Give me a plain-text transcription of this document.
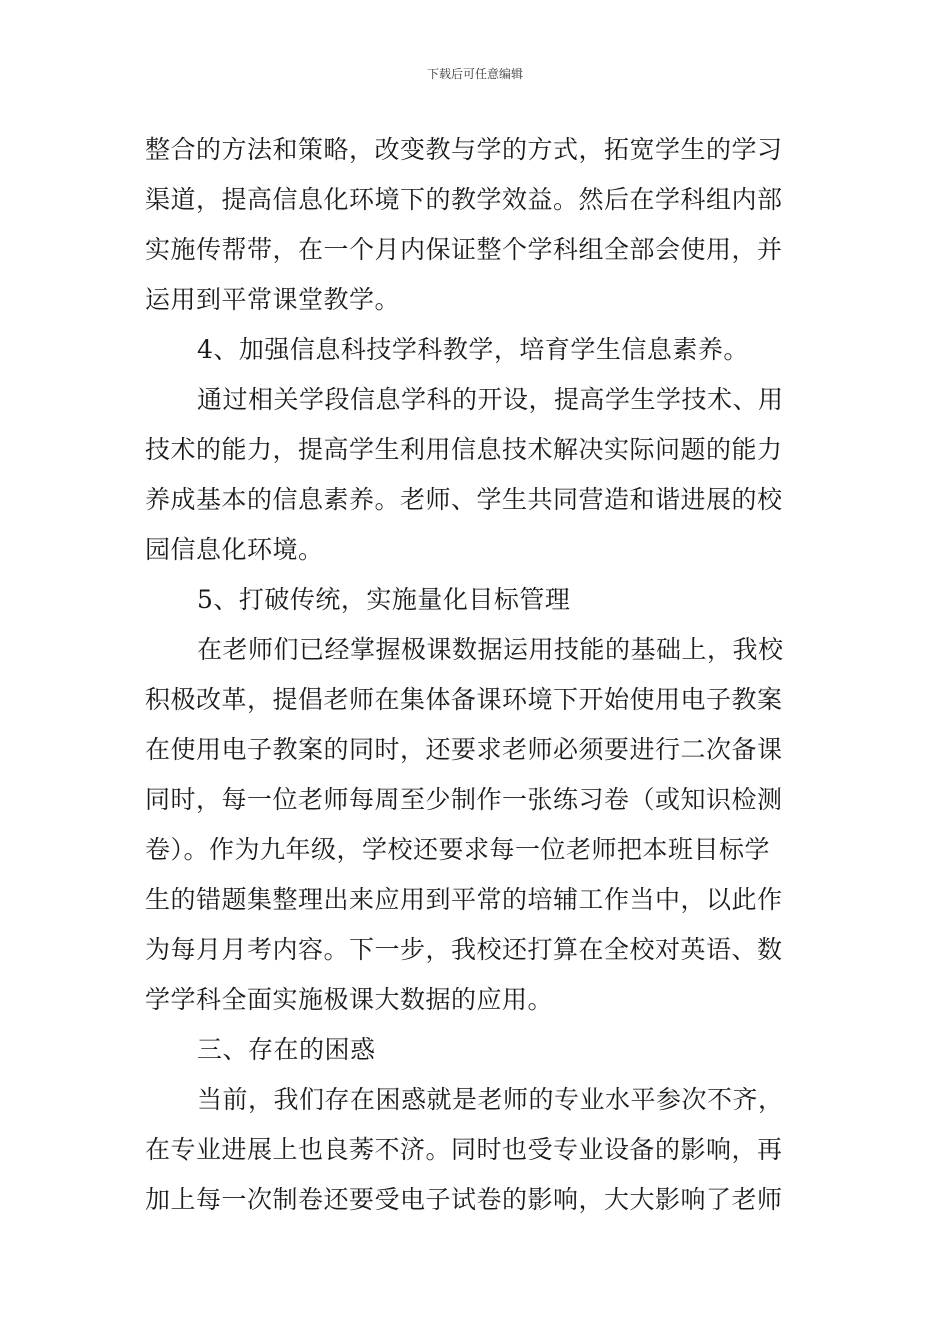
下载后可任意编辑
整合的方法和策略，改变教与学的方式，拓宽学生的学习
渠道，提高信息化环境下的教学效益。然后在学科组内部
实施传帮带，在一个月内保证整个学科组全部会使用，并
运用到平常课堂教学。
4、加强信息科技学科教学，培育学生信息素养。
通过相关学段信息学科的开设，提高学生学技术、用
技术的能力，提高学生利用信息技术解决实际问题的能力
养成基本的信息素养。老师、学生共同营造和谐进展的校
园信息化环境。
5、打破传统，实施量化目标管理
在老师们已经掌握极课数据运用技能的基础上，我校
积极改革，提倡老师在集体备课环境下开始使用电子教案
在使用电子教案的同时，还要求老师必须要进行二次备课
同时，每一位老师每周至少制作一张练习卷（或知识检测
卷）。作为九年级，学校还要求每一位老师把本班目标学
生的错题集整理出来应用到平常的培辅工作当中，以此作
为每月月考内容。下一步，我校还打算在全校对英语、数
学学科全面实施极课大数据的应用。
三、存在的困惑
当前，我们存在困惑就是老师的专业水平参次不齐，
在专业进展上也良莠不济。同时也受专业设备的影响，再
加上每一次制卷还要受电子试卷的影响，大大影响了老师
